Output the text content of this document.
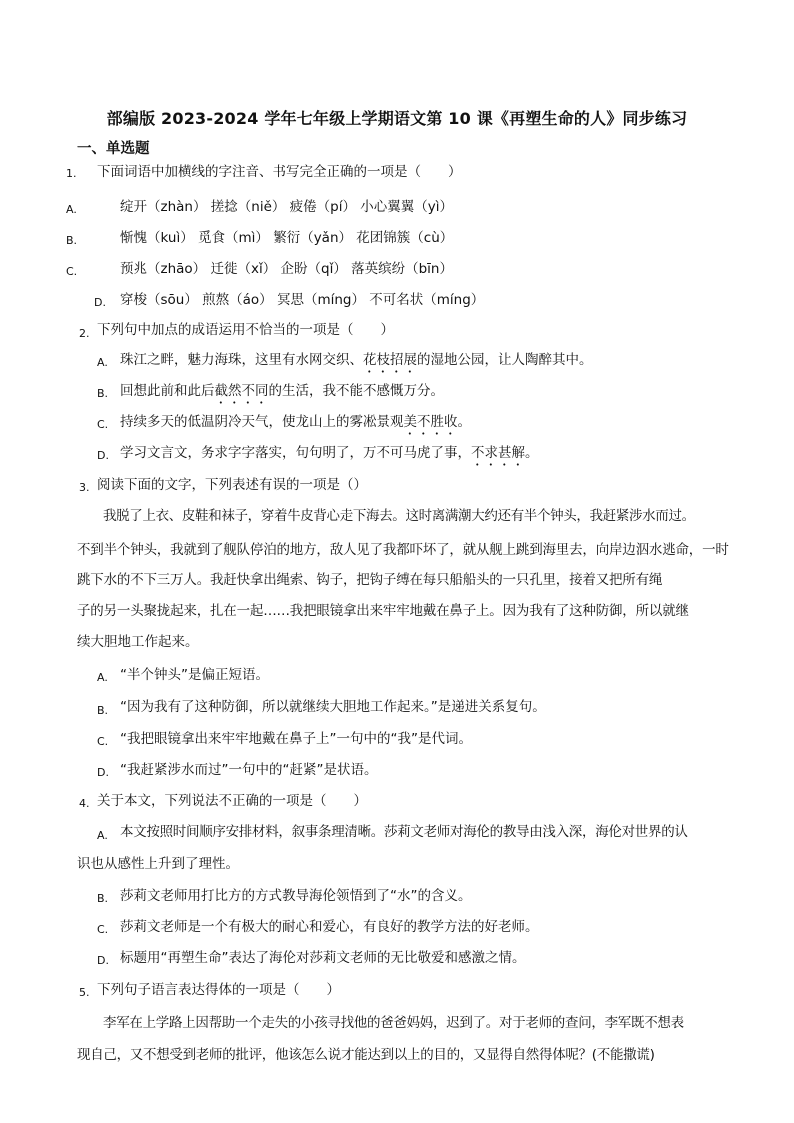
部编版 2023-2024 学年七年级上学期语文第 10 课《再塑生命的人》同步练习
一、单选题
1. 下面词语中加横线的字注音、书写完全正确的一项是（　　）
A.	绽开（zhàn） 搓捻（niě） 疲倦（pí） 小心翼翼（yì）
B.	惭愧（kuì） 觅食（mì） 繁衍（yǎn） 花团锦簇（cù）
C.	预兆（zhāo） 迁徙（xǐ） 企盼（qǐ） 落英缤纷（bīn）
D. 穿梭（sōu） 煎熬（áo） 冥思（míng） 不可名状（míng）
2. 下列句中加点的成语运用不恰当的一项是（　　）
A. 珠江之畔，魅力海珠，这里有水网交织、花枝招展的湿地公园，让人陶醉其中。
B. 回想此前和此后截然不同的生活，我不能不感慨万分。
C. 持续多天的低温阴冷天气，使龙山上的雾凇景观美不胜收。
D. 学习文言文，务求字字落实，句句明了，万不可马虎了事，不求甚解。
3. 阅读下面的文字，下列表述有误的一项是（）
我脱了上衣、皮鞋和袜子，穿着牛皮背心走下海去。这时离满潮大约还有半个钟头，我赶紧涉水而过。
不到半个钟头，我就到了舰队停泊的地方，敌人见了我都吓坏了，就从舰上跳到海里去，向岸边泅水逃命，一时
跳下水的不下三万人。我赶快拿出绳索、钩子，把钩子缚在每只船船头的一只孔里，接着又把所有绳
子的另一头聚拢起来，扎在一起……我把眼镜拿出来牢牢地戴在鼻子上。因为我有了这种防御，所以就继
续大胆地工作起来。
A. “半个钟头”是偏正短语。
B. “因为我有了这种防御，所以就继续大胆地工作起来。”是递进关系复句。
C. “我把眼镜拿出来牢牢地戴在鼻子上”一句中的“我”是代词。
D. “我赶紧涉水而过”一句中的“赶紧”是状语。
4. 关于本文，下列说法不正确的一项是（　　）
A. 本文按照时间顺序安排材料，叙事条理清晰。莎莉文老师对海伦的教导由浅入深，海伦对世界的认
识也从感性上升到了理性。
B. 莎莉文老师用打比方的方式教导海伦领悟到了“水”的含义。
C. 莎莉文老师是一个有极大的耐心和爱心，有良好的教学方法的好老师。
D. 标题用“再塑生命”表达了海伦对莎莉文老师的无比敬爱和感激之情。
5. 下列句子语言表达得体的一项是（　　）
李军在上学路上因帮助一个走失的小孩寻找他的爸爸妈妈，迟到了。对于老师的查问，李军既不想表
现自己，又不想受到老师的批评，他该怎么说才能达到以上的目的，又显得自然得体呢？(不能撒谎)
